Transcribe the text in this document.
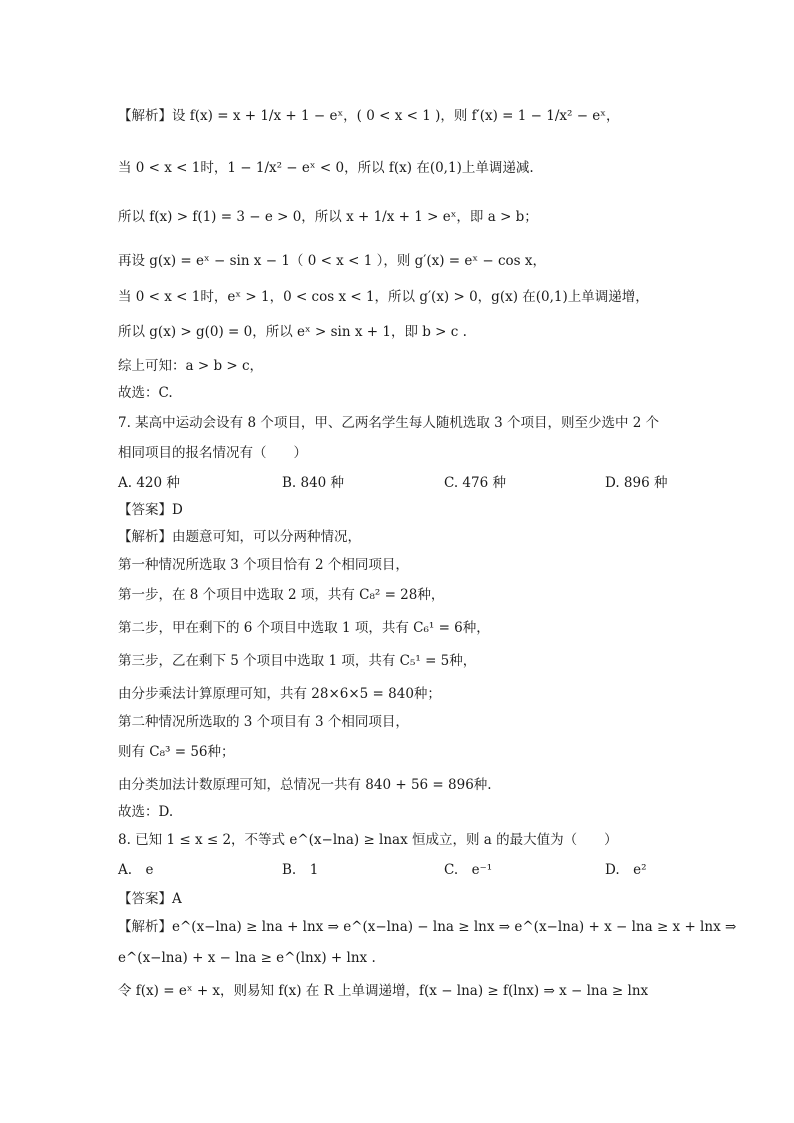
【解析】设 f(x) = x + 1/x + 1 − eˣ，( 0 < x < 1 )，则 f′(x) = 1 − 1/x² − eˣ，
当 0 < x < 1时，1 − 1/x² − eˣ < 0，所以 f(x) 在(0,1)上单调递减.
所以 f(x) > f(1) = 3 − e > 0，所以 x + 1/x + 1 > eˣ，即 a > b；
再设 g(x) = eˣ − sin x − 1（ 0 < x < 1 ），则 g′(x) = eˣ − cos x，
当 0 < x < 1时，eˣ > 1，0 < cos x < 1，所以 g′(x) > 0，g(x) 在(0,1)上单调递增，
所以 g(x) > g(0) = 0，所以 eˣ > sin x + 1，即 b > c .
综上可知：a > b > c，
故选：C.
7. 某高中运动会设有 8 个项目，甲、乙两名学生每人随机选取 3 个项目，则至少选中 2 个
相同项目的报名情况有（　　）
A. 420 种	B. 840 种	C. 476 种	D. 896 种
【答案】D
【解析】由题意可知，可以分两种情况，
第一种情况所选取 3 个项目恰有 2 个相同项目，
第一步，在 8 个项目中选取 2 项，共有 C₈² = 28种，
第二步，甲在剩下的 6 个项目中选取 1 项，共有 C₆¹ = 6种，
第三步，乙在剩下 5 个项目中选取 1 项，共有 C₅¹ = 5种，
由分步乘法计算原理可知，共有 28×6×5 = 840种；
第二种情况所选取的 3 个项目有 3 个相同项目，
则有 C₈³ = 56种；
由分类加法计数原理可知，总情况一共有 840 + 56 = 896种.
故选：D.
8. 已知 1 ≤ x ≤ 2，不等式 e^(x−lna) ≥ lnax 恒成立，则 a 的最大值为（　　）
A.　e	B.　1	C.　e⁻¹	D.　e²
【答案】A
【解析】e^(x−lna) ≥ lna + lnx ⇒ e^(x−lna) − lna ≥ lnx ⇒ e^(x−lna) + x − lna ≥ x + lnx ⇒
e^(x−lna) + x − lna ≥ e^(lnx) + lnx .
令 f(x) = eˣ + x，则易知 f(x) 在 R 上单调递增，f(x − lna) ≥ f(lnx) ⇒ x − lna ≥ lnx
